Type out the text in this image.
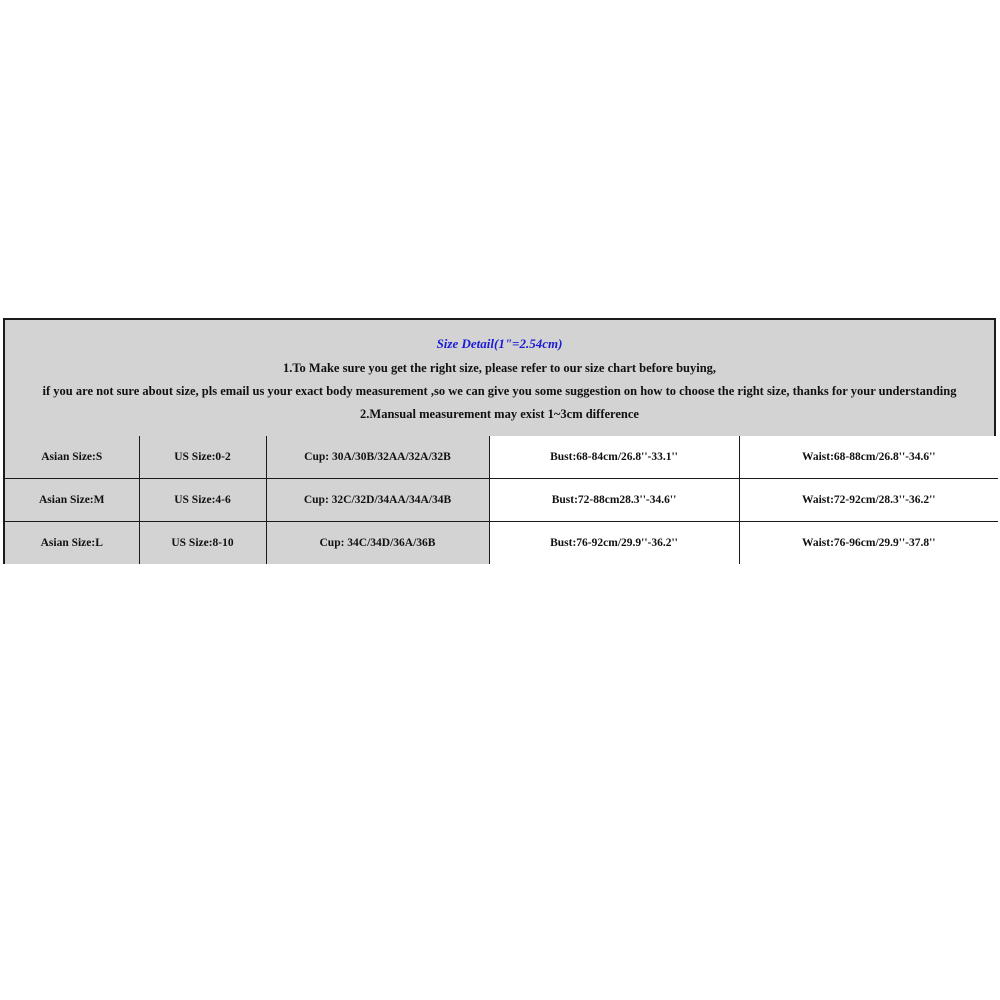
Size Detail(1"=2.54cm)
1.To Make sure you get the right size, please refer to our size chart before buying,
if you are not sure about size, pls email us your exact body measurement ,so we can give you some suggestion on how to choose the right size, thanks for your understanding
2.Mansual measurement may exist 1~3cm difference
Asian Size:S	US Size:0-2	Cup: 30A/30B/32AA/32A/32B	Bust:68-84cm/26.8''-33.1''	Waist:68-88cm/26.8''-34.6''
Asian Size:M	US Size:4-6	Cup: 32C/32D/34AA/34A/34B	Bust:72-88cm28.3''-34.6''	Waist:72-92cm/28.3''-36.2''
Asian Size:L	US Size:8-10	Cup: 34C/34D/36A/36B	Bust:76-92cm/29.9''-36.2''	Waist:76-96cm/29.9''-37.8''
